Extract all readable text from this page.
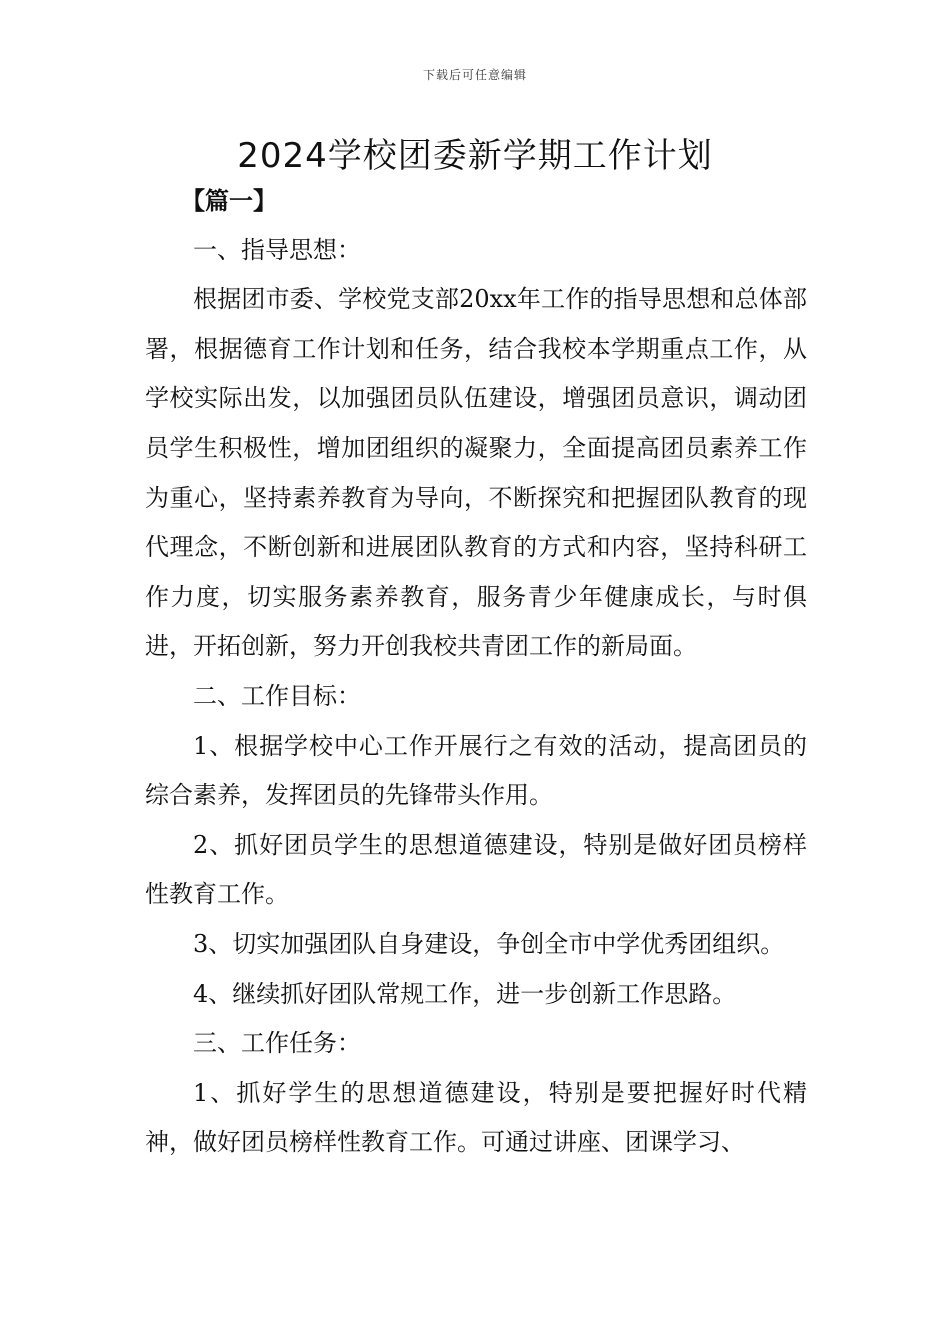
下载后可任意编辑
2024学校团委新学期工作计划

【篇一】

一、指导思想：

根据团市委、学校党支部20xx年工作的指导思想和总体部署，根据德育工作计划和任务，结合我校本学期重点工作，从学校实际出发，以加强团员队伍建设，增强团员意识，调动团员学生积极性，增加团组织的凝聚力，全面提高团员素养工作为重心，坚持素养教育为导向，不断探究和把握团队教育的现代理念，不断创新和进展团队教育的方式和内容，坚持科研工作力度，切实服务素养教育，服务青少年健康成长，与时俱进，开拓创新，努力开创我校共青团工作的新局面。

二、工作目标：

1、根据学校中心工作开展行之有效的活动，提高团员的综合素养，发挥团员的先锋带头作用。

2、抓好团员学生的思想道德建设，特别是做好团员榜样性教育工作。

3、切实加强团队自身建设，争创全市中学优秀团组织。

4、继续抓好团队常规工作，进一步创新工作思路。

三、工作任务：

1、抓好学生的思想道德建设，特别是要把握好时代精神，做好团员榜样性教育工作。可通过讲座、团课学习、
